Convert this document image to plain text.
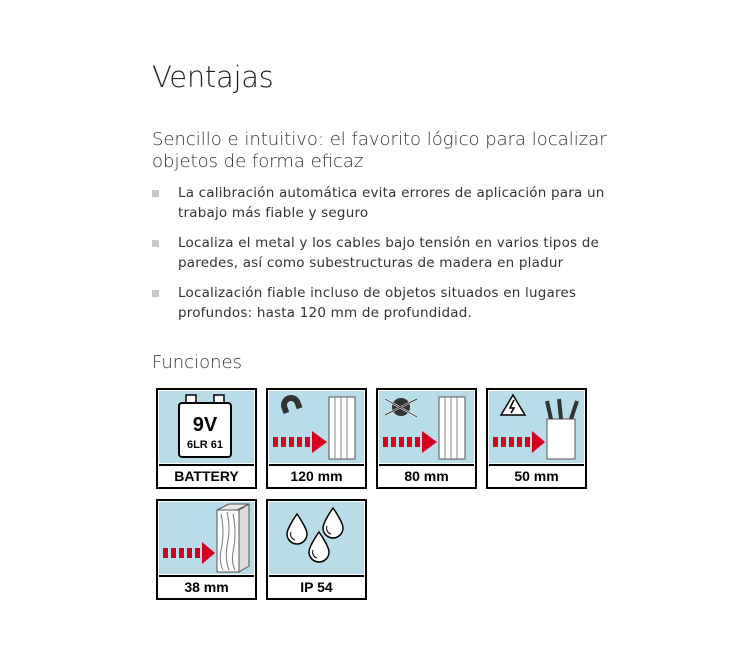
Ventajas
Sencillo e intuitivo: el favorito lógico para localizar objetos de forma eficaz
La calibración automática evita errores de aplicación para un trabajo más fiable y seguro
Localiza el metal y los cables bajo tensión en varios tipos de paredes, así como subestructuras de madera en pladur
Localización fiable incluso de objetos situados en lugares profundos: hasta 120 mm de profundidad.
Funciones
9V
6LR 61
BATTERY	120 mm	80 mm	50 mm
38 mm	IP 54
